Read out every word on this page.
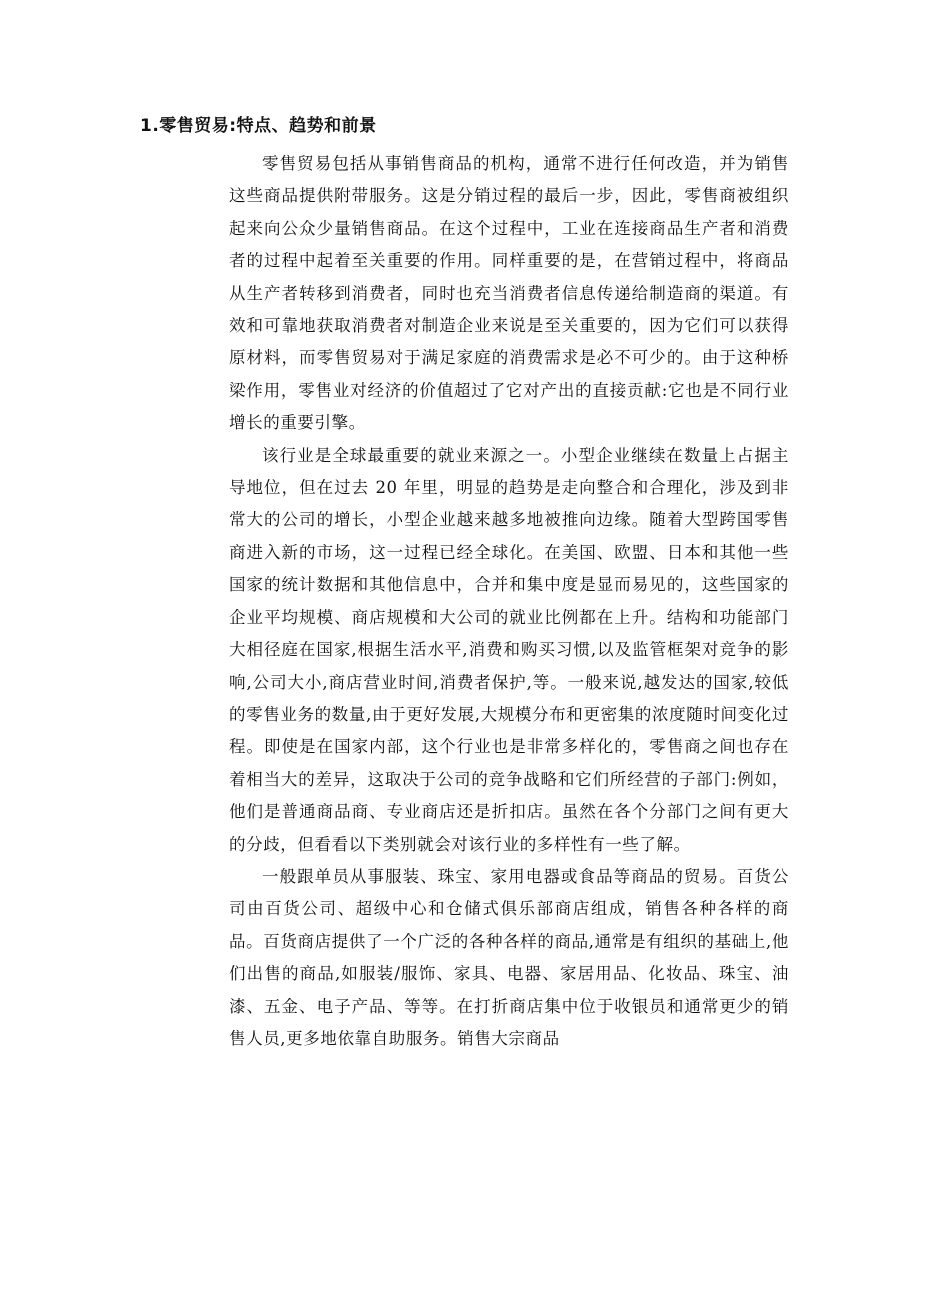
1.零售贸易:特点、趋势和前景

零售贸易包括从事销售商品的机构，通常不进行任何改造，并为销售这些商品提供附带服务。这是分销过程的最后一步，因此，零售商被组织起来向公众少量销售商品。在这个过程中，工业在连接商品生产者和消费者的过程中起着至关重要的作用。同样重要的是，在营销过程中，将商品从生产者转移到消费者，同时也充当消费者信息传递给制造商的渠道。有效和可靠地获取消费者对制造企业来说是至关重要的，因为它们可以获得原材料，而零售贸易对于满足家庭的消费需求是必不可少的。由于这种桥梁作用，零售业对经济的价值超过了它对产出的直接贡献:它也是不同行业增长的重要引擎。

该行业是全球最重要的就业来源之一。小型企业继续在数量上占据主导地位，但在过去 20 年里，明显的趋势是走向整合和合理化，涉及到非常大的公司的增长，小型企业越来越多地被推向边缘。随着大型跨国零售商进入新的市场，这一过程已经全球化。在美国、欧盟、日本和其他一些国家的统计数据和其他信息中，合并和集中度是显而易见的，这些国家的企业平均规模、商店规模和大公司的就业比例都在上升。结构和功能部门大相径庭在国家,根据生活水平,消费和购买习惯,以及监管框架对竞争的影响,公司大小,商店营业时间,消费者保护,等。一般来说,越发达的国家,较低的零售业务的数量,由于更好发展,大规模分布和更密集的浓度随时间变化过程。即使是在国家内部，这个行业也是非常多样化的，零售商之间也存在着相当大的差异，这取决于公司的竞争战略和它们所经营的子部门:例如，他们是普通商品商、专业商店还是折扣店。虽然在各个分部门之间有更大的分歧，但看看以下类别就会对该行业的多样性有一些了解。

一般跟单员从事服装、珠宝、家用电器或食品等商品的贸易。百货公司由百货公司、超级中心和仓储式俱乐部商店组成，销售各种各样的商品。百货商店提供了一个广泛的各种各样的商品,通常是有组织的基础上,他们出售的商品,如服装/服饰、家具、电器、家居用品、化妆品、珠宝、油漆、五金、电子产品、等等。在打折商店集中位于收银员和通常更少的销售人员,更多地依靠自助服务。销售大宗商品
